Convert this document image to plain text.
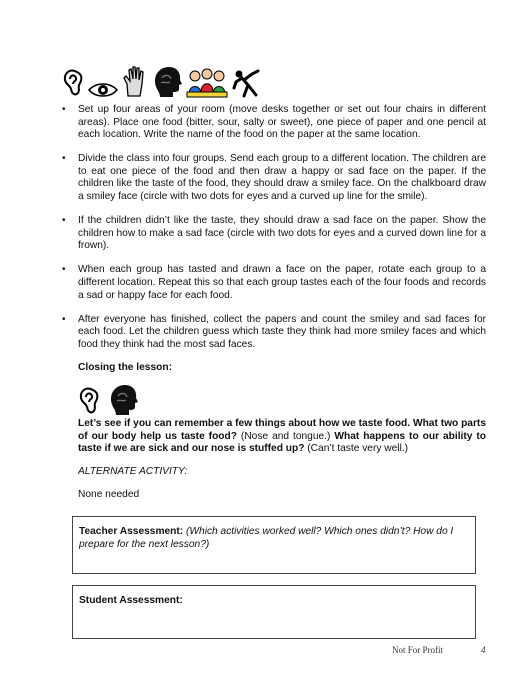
• Set up four areas of your room (move desks together or set out four chairs in different areas). Place one food (bitter, sour, salty or sweet), one piece of paper and one pencil at each location. Write the name of the food on the paper at the same location.
• Divide the class into four groups. Send each group to a different location. The children are to eat one piece of the food and then draw a happy or sad face on the paper. If the children like the taste of the food, they should draw a smiley face. On the chalkboard draw a smiley face (circle with two dots for eyes and a curved up line for the smile).
• If the children didn’t like the taste, they should draw a sad face on the paper. Show the children how to make a sad face (circle with two dots for eyes and a curved down line for a frown).
• When each group has tasted and drawn a face on the paper, rotate each group to a different location. Repeat this so that each group tastes each of the four foods and records a sad or happy face for each food.
• After everyone has finished, collect the papers and count the smiley and sad faces for each food. Let the children guess which taste they think had more smiley faces and which food they think had the most sad faces.
Closing the lesson:
Let’s see if you can remember a few things about how we taste food. What two parts of our body help us taste food? (Nose and tongue.) What happens to our ability to taste if we are sick and our nose is stuffed up? (Can’t taste very well.)
ALTERNATE ACTIVITY:
None needed
Teacher Assessment: (Which activities worked well? Which ones didn’t? How do I prepare for the next lesson?)
Student Assessment:
Not For Profit	4
